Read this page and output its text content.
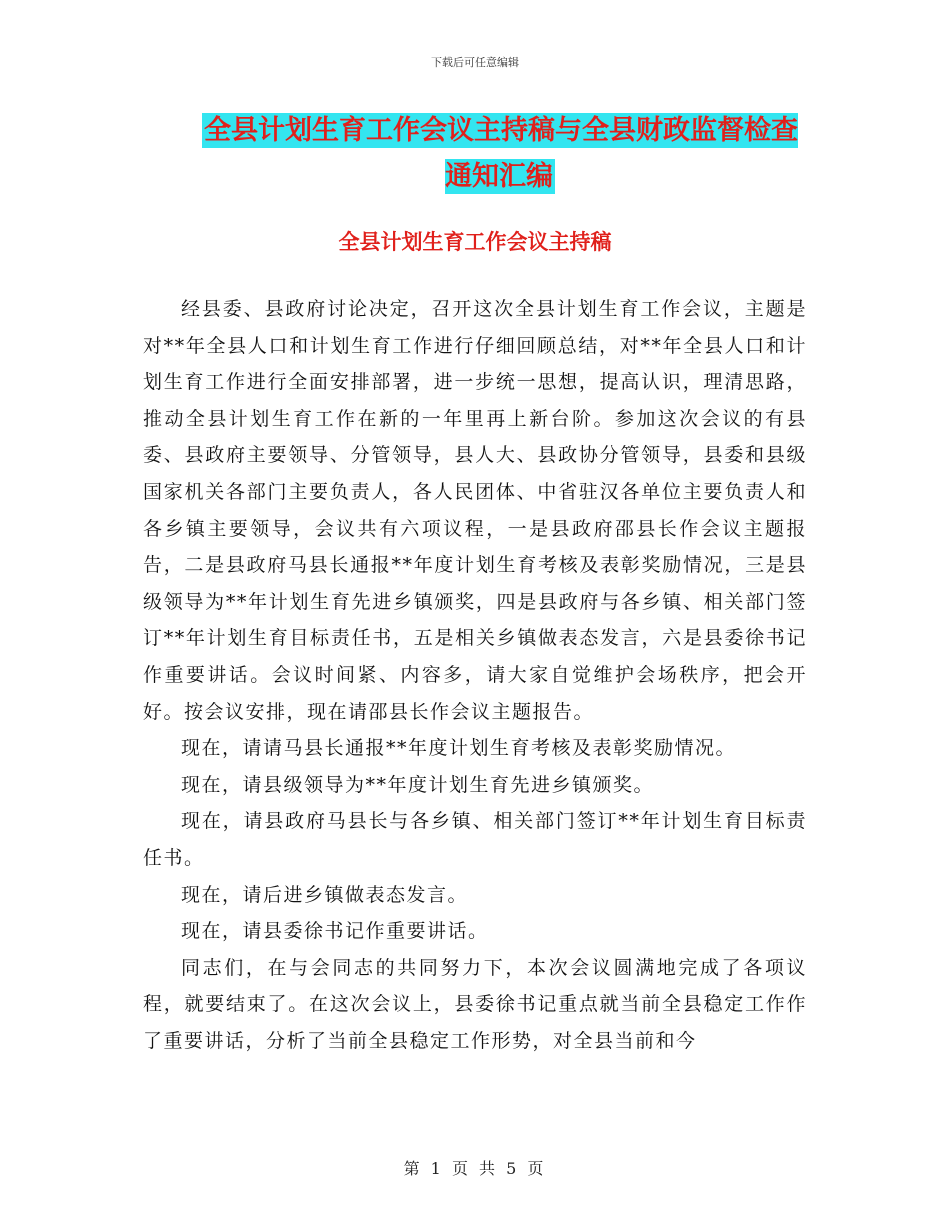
下载后可任意编辑
全县计划生育工作会议主持稿与全县财政监督检查通知汇编
全县计划生育工作会议主持稿

经县委、县政府讨论决定，召开这次全县计划生育工作会议，主题是对**年全县人口和计划生育工作进行仔细回顾总结，对**年全县人口和计划生育工作进行全面安排部署，进一步统一思想，提高认识，理清思路，推动全县计划生育工作在新的一年里再上新台阶。参加这次会议的有县委、县政府主要领导、分管领导，县人大、县政协分管领导，县委和县级国家机关各部门主要负责人，各人民团体、中省驻汉各单位主要负责人和各乡镇主要领导，会议共有六项议程，一是县政府邵县长作会议主题报告，二是县政府马县长通报**年度计划生育考核及表彰奖励情况，三是县级领导为**年计划生育先进乡镇颁奖，四是县政府与各乡镇、相关部门签订**年计划生育目标责任书，五是相关乡镇做表态发言，六是县委徐书记作重要讲话。会议时间紧、内容多，请大家自觉维护会场秩序，把会开好。按会议安排，现在请邵县长作会议主题报告。

现在，请请马县长通报**年度计划生育考核及表彰奖励情况。

现在，请县级领导为**年度计划生育先进乡镇颁奖。

现在，请县政府马县长与各乡镇、相关部门签订**年计划生育目标责任书。

现在，请后进乡镇做表态发言。

现在，请县委徐书记作重要讲话。

同志们，在与会同志的共同努力下，本次会议圆满地完成了各项议程，就要结束了。在这次会议上，县委徐书记重点就当前全县稳定工作作了重要讲话，分析了当前全县稳定工作形势，对全县当前和今

第 1 页 共 5 页
